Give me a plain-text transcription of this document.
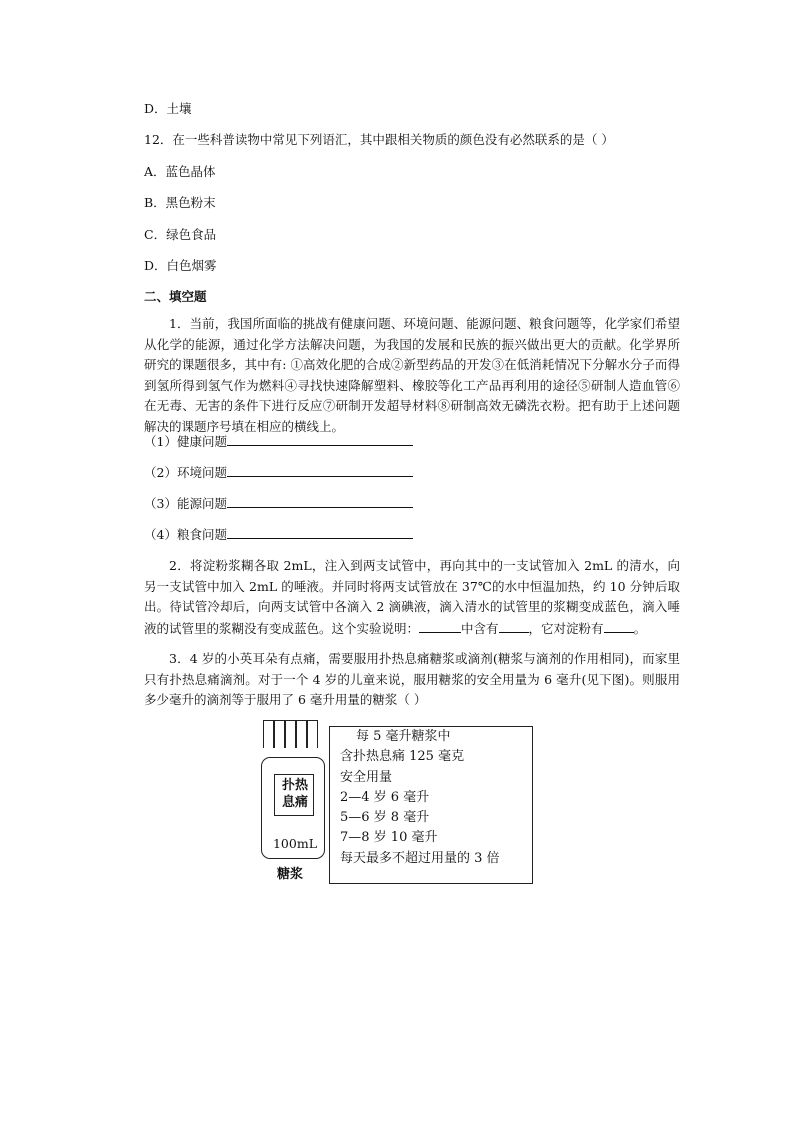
D．土壤
12．在一些科普读物中常见下列语汇，其中跟相关物质的颜色没有必然联系的是（ ）
A．蓝色晶体
B．黑色粉末
C．绿色食品
D．白色烟雾
二、填空题
1．当前，我国所面临的挑战有健康问题、环境问题、能源问题、粮食问题等，化学家们希望从化学的能源，通过化学方法解决问题，为我国的发展和民族的振兴做出更大的贡献。化学界所研究的课题很多，其中有: ①高效化肥的合成②新型药品的开发③在低消耗情况下分解水分子而得到氢所得到氢气作为燃料④寻找快速降解塑料、橡胶等化工产品再利用的途径⑤研制人造血管⑥在无毒、无害的条件下进行反应⑦研制开发超导材料⑧研制高效无磷洗衣粉。把有助于上述问题解决的课题序号填在相应的横线上。
（1）健康问题
（2）环境问题
（3）能源问题
（4）粮食问题
2．将淀粉浆糊各取 2mL，注入到两支试管中，再向其中的一支试管加入 2mL 的清水，向另一支试管中加入 2mL 的唾液。并同时将两支试管放在 37℃的水中恒温加热，约 10 分钟后取出。待试管冷却后，向两支试管中各滴入 2 滴碘液，滴入清水的试管里的浆糊变成蓝色，滴入唾液的试管里的浆糊没有变成蓝色。这个实验说明：	中含有 ，它对淀粉有 。
3．4 岁的小英耳朵有点痛，需要服用扑热息痛糖浆或滴剂(糖浆与滴剂的作用相同)，而家里只有扑热息痛滴剂。对于一个 4 岁的儿童来说，服用糖浆的安全用量为 6 毫升(见下图)。则服用多少毫升的滴剂等于服用了 6 毫升用量的糖浆（ ）
扑热
息痛
100mL
糖浆
每 5 毫升糖浆中
含扑热息痛 125 毫克
安全用量
2—4 岁 6 毫升
5—6 岁 8 毫升
7—8 岁 10 毫升
每天最多不超过用量的 3 倍
